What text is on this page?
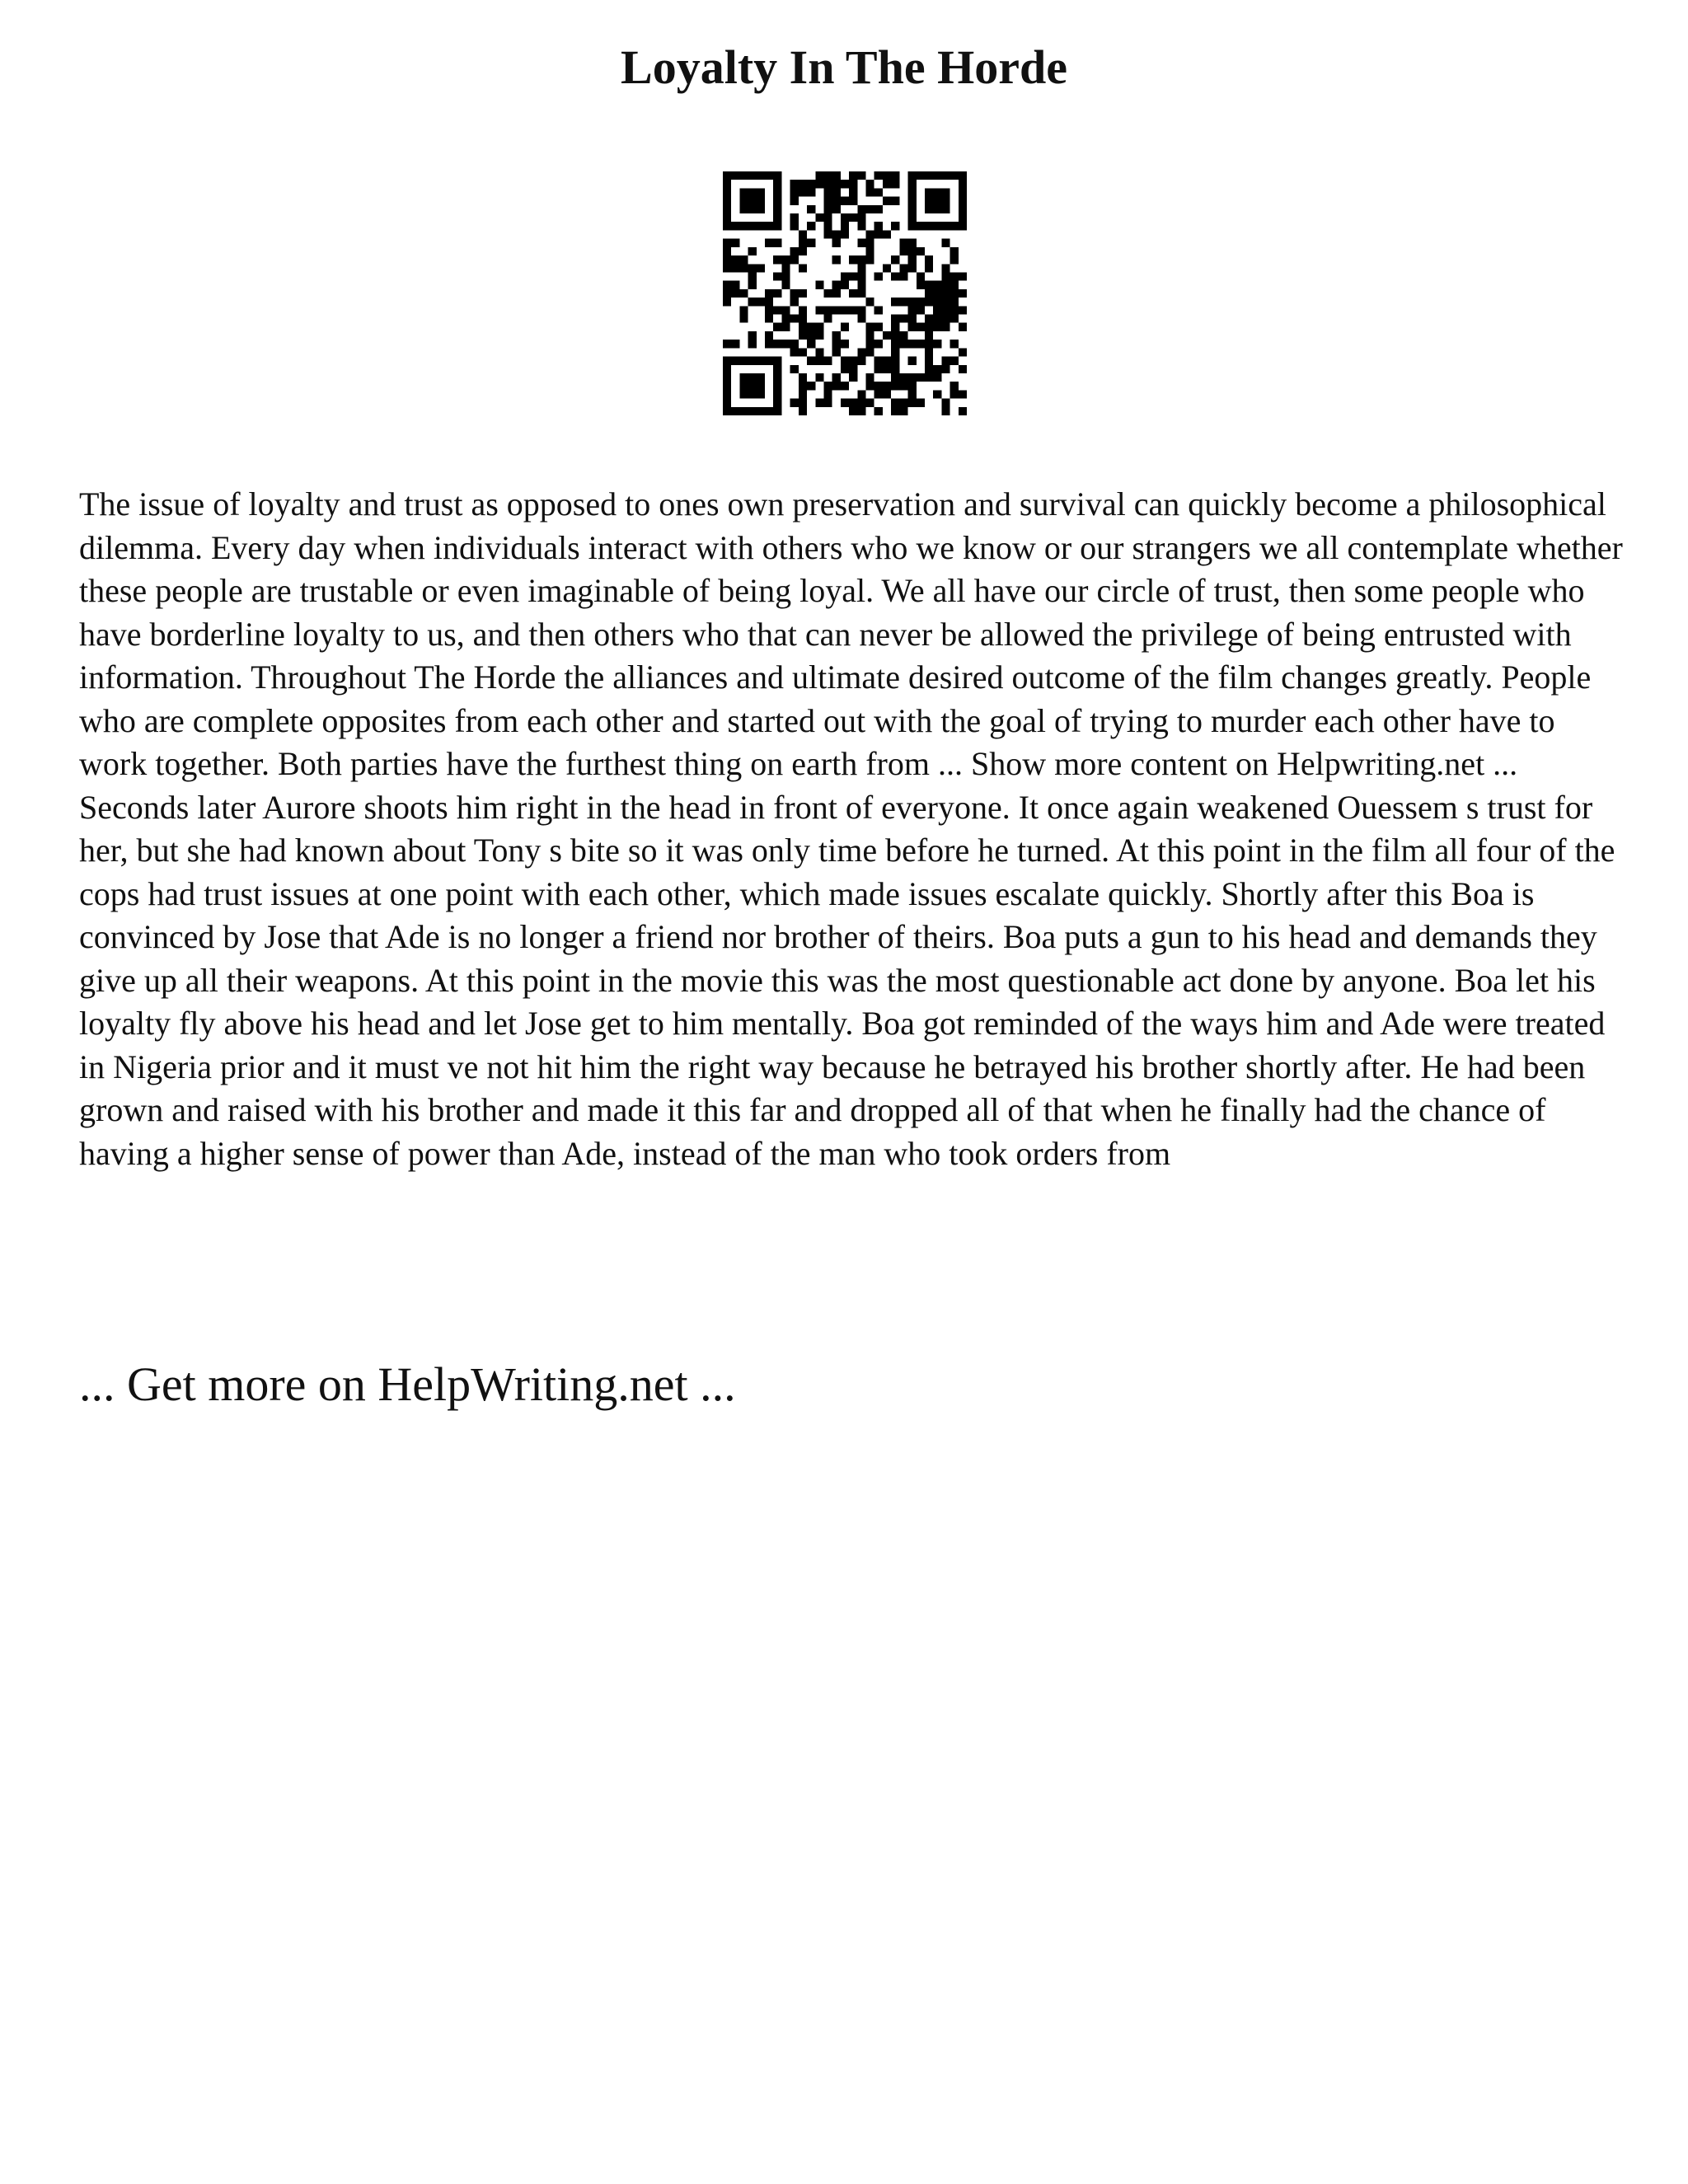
Loyalty In The Horde

The issue of loyalty and trust as opposed to ones own preservation and survival can quickly become a philosophical dilemma. Every day when individuals interact with others who we know or our strangers we all contemplate whether these people are trustable or even imaginable of being loyal. We all have our circle of trust, then some people who have borderline loyalty to us, and then others who that can never be allowed the privilege of being entrusted with information. Throughout The Horde the alliances and ultimate desired outcome of the film changes greatly. People who are complete opposites from each other and started out with the goal of trying to murder each other have to work together. Both parties have the furthest thing on earth from ... Show more content on Helpwriting.net ...

Seconds later Aurore shoots him right in the head in front of everyone. It once again weakened Ouessem s trust for her, but she had known about Tony s bite so it was only time before he turned. At this point in the film all four of the cops had trust issues at one point with each other, which made issues escalate quickly. Shortly after this Boa is convinced by Jose that Ade is no longer a friend nor brother of theirs. Boa puts a gun to his head and demands they give up all their weapons. At this point in the movie this was the most questionable act done by anyone. Boa let his loyalty fly above his head and let Jose get to him mentally. Boa got reminded of the ways him and Ade were treated in Nigeria prior and it must ve not hit him the right way because he betrayed his brother shortly after. He had been grown and raised with his brother and made it this far and dropped all of that when he finally had the chance of having a higher sense of power than Ade, instead of the man who took orders from

... Get more on HelpWriting.net ...
